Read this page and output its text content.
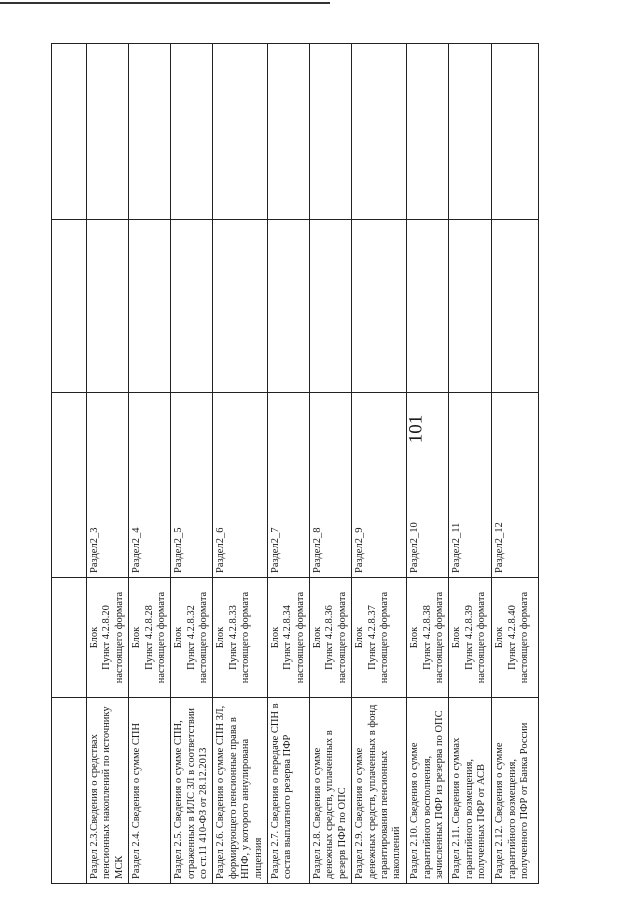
101

Раздел 2.3.Сведения о средствах пенсионных накоплений по источнику МСК	Блок Пункт 4.2.8.20 настоящего формата	Раздел2_3		
Раздел 2.4. Сведения о сумме СПН	Блок Пункт 4.2.8.28 настоящего формата	Раздел2_4		
Раздел 2.5. Сведения о сумме СПН, отраженных в ИЛС ЗЛ в соответствии со ст.11 410-ФЗ от 28.12.2013	Блок Пункт 4.2.8.32 настоящего формата	Раздел2_5		
Раздел 2.6. Сведения о сумме СПН ЗЛ, формирующего пенсионные права в НПФ, у которого аннулирована лицензия	Блок Пункт 4.2.8.33 настоящего формата	Раздел2_6		
Раздел 2.7. Сведения о передаче СПН в состав выплатного резерва ПФР	Блок Пункт 4.2.8.34 настоящего формата	Раздел2_7		
Раздел 2.8. Сведения о сумме денежных средств, уплаченных в резерв ПФР по ОПС	Блок Пункт 4.2.8.36 настоящего формата	Раздел2_8		
Раздел 2.9. Сведения о сумме денежных средств, уплаченных в фонд гарантирования пенсионных накоплений	Блок Пункт 4.2.8.37 настоящего формата	Раздел2_9		
Раздел 2.10. Сведения о сумме гарантийного восполнения, зачисленных ПФР из резерва по ОПС	Блок Пункт 4.2.8.38 настоящего формата	Раздел2_10		
Раздел 2.11. Сведения о суммах гарантийного возмещения, полученных ПФР от АСВ	Блок Пункт 4.2.8.39 настоящего формата	Раздел2_11		
Раздел 2.12. Сведения о сумме гарантийного возмещения, полученного ПФР от Банка России	Блок Пункт 4.2.8.40 настоящего формата	Раздел2_12		
